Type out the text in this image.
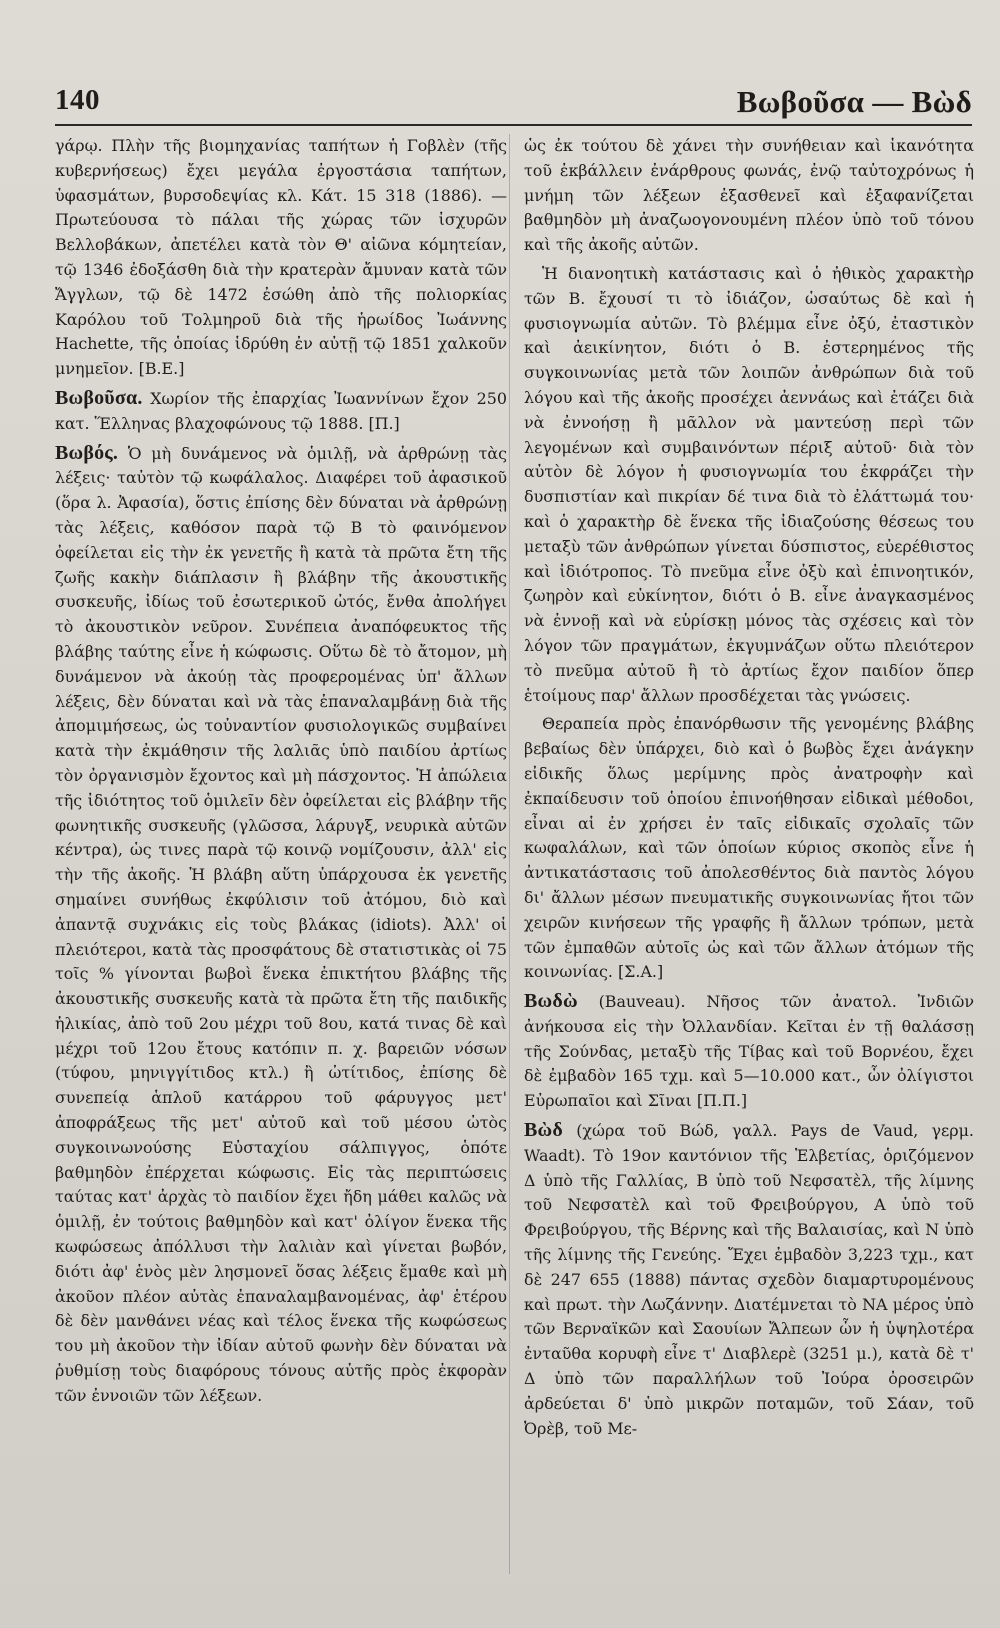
140	Βωβοῦσα — Βὼδ

γάρῳ. Πλὴν τῆς βιομηχανίας ταπήτων ἡ Γοβλὲν (τῆς κυβερνήσεως) ἔχει μεγάλα ἐργοστάσια ταπήτων, ὑφασμάτων, βυρσοδεψίας κλ. Κάτ. 15 318 (1886). — Πρωτεύουσα τὸ πάλαι τῆς χώρας τῶν ἰσχυρῶν Βελλοβάκων, ἀπετέλει κατὰ τὸν Θ' αἰῶνα κόμητείαν, τῷ 1346 ἐδοξάσθη διὰ τὴν κρατερὰν ἄμυναν κατὰ τῶν Ἄγγλων, τῷ δὲ 1472 ἐσώθη ἀπὸ τῆς πολιορκίας Καρόλου τοῦ Τολμηροῦ διὰ τῆς ἡρωίδος Ἰωάννης Hachette, τῆς ὁποίας ἱδρύθη ἐν αὐτῇ τῷ 1851 χαλκοῦν μνημεῖον. [Β.Ε.]

Βωβοῦσα. Χωρίον τῆς ἐπαρχίας Ἰωαννίνων ἔχον 250 κατ. Ἕλληνας βλαχοφώνους τῷ 1888. [Π.]

Βωβός. Ὁ μὴ δυνάμενος νὰ ὁμιλῇ, νὰ ἀρθρώνῃ τὰς λέξεις· ταὐτὸν τῷ κωφάλαλος. Διαφέρει τοῦ ἀφασικοῦ (ὅρα λ. Ἀφασία), ὅστις ἐπίσης δὲν δύναται νὰ ἀρθρώνῃ τὰς λέξεις, καθόσον παρὰ τῷ Β τὸ φαινόμενον ὀφείλεται εἰς τὴν ἐκ γενετῆς ἢ κατὰ τὰ πρῶτα ἔτη τῆς ζωῆς κακὴν διάπλασιν ἢ βλάβην τῆς ἀκουστικῆς συσκευῆς, ἰδίως τοῦ ἐσωτερικοῦ ὠτός, ἔνθα ἀπολήγει τὸ ἀκουστικὸν νεῦρον. Συνέπεια ἀναπόφευκτος τῆς βλάβης ταύτης εἶνε ἡ κώφωσις. Οὕτω δὲ τὸ ἄτομον, μὴ δυνάμενον νὰ ἀκούῃ τὰς προφερομένας ὑπ' ἄλλων λέξεις, δὲν δύναται καὶ νὰ τὰς ἐπαναλαμβάνῃ διὰ τῆς ἀπομιμήσεως, ὡς τοὐναντίον φυσιολογικῶς συμβαίνει κατὰ τὴν ἐκμάθησιν τῆς λαλιᾶς ὑπὸ παιδίου ἀρτίως τὸν ὀργανισμὸν ἔχοντος καὶ μὴ πάσχοντος. Ἡ ἀπώλεια τῆς ἰδιότητος τοῦ ὁμιλεῖν δὲν ὀφείλεται εἰς βλάβην τῆς φωνητικῆς συσκευῆς (γλῶσσα, λάρυγξ, νευρικὰ αὐτῶν κέντρα), ὡς τινες παρὰ τῷ κοινῷ νομίζουσιν, ἀλλ' εἰς τὴν τῆς ἀκοῆς. Ἡ βλάβη αὕτη ὑπάρχουσα ἐκ γενετῆς σημαίνει συνήθως ἐκφύλισιν τοῦ ἀτόμου, διὸ καὶ ἀπαντᾷ συχνάκις εἰς τοὺς βλάκας (idiots). Ἀλλ' οἱ πλειότεροι, κατὰ τὰς προσφάτους δὲ στατιστικὰς οἱ 75 τοῖς % γίνονται βωβοὶ ἕνεκα ἐπικτήτου βλάβης τῆς ἀκουστικῆς συσκευῆς κατὰ τὰ πρῶτα ἔτη τῆς παιδικῆς ἡλικίας, ἀπὸ τοῦ 2ου μέχρι τοῦ 8ου, κατά τινας δὲ καὶ μέχρι τοῦ 12ου ἔτους κατόπιν π. χ. βαρειῶν νόσων (τύφου, μηνιγγίτιδος κτλ.) ἢ ὠτίτιδος, ἐπίσης δὲ συνεπείᾳ ἁπλοῦ κατάρρου τοῦ φάρυγγος μετ' ἀποφράξεως τῆς μετ' αὐτοῦ καὶ τοῦ μέσου ὠτὸς συγκοινωνούσης Εὐσταχίου σάλπιγγος, ὁπότε βαθμηδὸν ἐπέρχεται κώφωσις. Εἰς τὰς περιπτώσεις ταύτας κατ' ἀρχὰς τὸ παιδίον ἔχει ἤδη μάθει καλῶς νὰ ὁμιλῇ, ἐν τούτοις βαθμηδὸν καὶ κατ' ὀλίγον ἕνεκα τῆς κωφώσεως ἀπόλλυσι τὴν λαλιὰν καὶ γίνεται βωβόν, διότι ἀφ' ἑνὸς μὲν λησμονεῖ ὅσας λέξεις ἔμαθε καὶ μὴ ἀκοῦον πλέον αὐτὰς ἐπαναλαμβανομένας, ἀφ' ἑτέρου δὲ δὲν μανθάνει νέας καὶ τέλος ἕνεκα τῆς κωφώσεως του μὴ ἀκοῦον τὴν ἰδίαν αὐτοῦ φωνὴν δὲν δύναται νὰ ῥυθμίσῃ τοὺς διαφόρους τόνους αὐτῆς πρὸς ἐκφορὰν τῶν ἐννοιῶν τῶν λέξεων.

ὡς ἐκ τούτου δὲ χάνει τὴν συνήθειαν καὶ ἱκανότητα τοῦ ἐκβάλλειν ἐνάρθρους φωνάς, ἐνῷ ταὐτοχρόνως ἡ μνήμη τῶν λέξεων ἐξασθενεῖ καὶ ἐξαφανίζεται βαθμηδὸν μὴ ἀναζωογονουμένη πλέον ὑπὸ τοῦ τόνου καὶ τῆς ἀκοῆς αὐτῶν.

Ἡ διανοητικὴ κατάστασις καὶ ὁ ἠθικὸς χαρακτὴρ τῶν Β. ἔχουσί τι τὸ ἰδιάζον, ὡσαύτως δὲ καὶ ἡ φυσιογνωμία αὐτῶν. Τὸ βλέμμα εἶνε ὀξύ, ἐταστικὸν καὶ ἀεικίνητον, διότι ὁ Β. ἐστερημένος τῆς συγκοινωνίας μετὰ τῶν λοιπῶν ἀνθρώπων διὰ τοῦ λόγου καὶ τῆς ἀκοῆς προσέχει ἀεννάως καὶ ἐτάζει διὰ νὰ ἐννοήσῃ ἢ μᾶλλον νὰ μαντεύσῃ περὶ τῶν λεγομένων καὶ συμβαινόντων πέριξ αὐτοῦ· διὰ τὸν αὐτὸν δὲ λόγον ἡ φυσιογνωμία του ἐκφράζει τὴν δυσπιστίαν καὶ πικρίαν δέ τινα διὰ τὸ ἐλάττωμά του· καὶ ὁ χαρακτὴρ δὲ ἕνεκα τῆς ἰδιαζούσης θέσεως του μεταξὺ τῶν ἀνθρώπων γίνεται δύσπιστος, εὐερέθιστος καὶ ἰδιότροπος. Τὸ πνεῦμα εἶνε ὀξὺ καὶ ἐπινοητικόν, ζωηρὸν καὶ εὐκίνητον, διότι ὁ Β. εἶνε ἀναγκασμένος νὰ ἐννοῇ καὶ νὰ εὑρίσκῃ μόνος τὰς σχέσεις καὶ τὸν λόγον τῶν πραγμάτων, ἐκγυμνάζων οὕτω πλειότερον τὸ πνεῦμα αὐτοῦ ἢ τὸ ἀρτίως ἔχον παιδίον ὅπερ ἑτοίμους παρ' ἄλλων προσδέχεται τὰς γνώσεις.

Θεραπεία πρὸς ἐπανόρθωσιν τῆς γενομένης βλάβης βεβαίως δὲν ὑπάρχει, διὸ καὶ ὁ βωβὸς ἔχει ἀνάγκην εἰδικῆς ὅλως μερίμνης πρὸς ἀνατροφὴν καὶ ἐκπαίδευσιν τοῦ ὁποίου ἐπινοήθησαν εἰδικαὶ μέθοδοι, εἶναι αἱ ἐν χρήσει ἐν ταῖς εἰδικαῖς σχολαῖς τῶν κωφαλάλων, καὶ τῶν ὁποίων κύριος σκοπὸς εἶνε ἡ ἀντικατάστασις τοῦ ἀπολεσθέντος διὰ παντὸς λόγου δι' ἄλλων μέσων πνευματικῆς συγκοινωνίας ἤτοι τῶν χειρῶν κινήσεων τῆς γραφῆς ἢ ἄλλων τρόπων, μετὰ τῶν ἐμπαθῶν αὐτοῖς ὡς καὶ τῶν ἄλλων ἀτόμων τῆς κοινωνίας. [Σ.Α.]

Βωδὼ (Bauveau). Νῆσος τῶν ἀνατολ. Ἰνδιῶν ἀνήκουσα εἰς τὴν Ὀλλανδίαν. Κεῖται ἐν τῇ θαλάσσῃ τῆς Σούνδας, μεταξὺ τῆς Τίβας καὶ τοῦ Βορνέου, ἔχει δὲ ἐμβαδὸν 165 τχμ. καὶ 5—10.000 κατ., ὧν ὀλίγιστοι Εὐρωπαῖοι καὶ Σῖναι [Π.Π.]

Βὼδ (χώρα τοῦ Βώδ, γαλλ. Pays de Vaud, γερμ. Waadt). Τὸ 19ον καντόνιον τῆς Ἑλβετίας, ὁριζόμενον Δ ὑπὸ τῆς Γαλλίας, Β ὑπὸ τοῦ Νεφσατὲλ, τῆς λίμνης τοῦ Νεφσατὲλ καὶ τοῦ Φρειβούργου, Α ὑπὸ τοῦ Φρειβούργου, τῆς Βέρνης καὶ τῆς Βαλαισίας, καὶ Ν ὑπὸ τῆς λίμνης τῆς Γενεύης. Ἔχει ἐμβαδὸν 3,223 τχμ., κατ δὲ 247 655 (1888) πάντας σχεδὸν διαμαρτυρομένους καὶ πρωτ. τὴν Λωζάννην. Διατέμνεται τὸ ΝΑ μέρος ὑπὸ τῶν Βερναϊκῶν καὶ Σαουίων Ἄλπεων ὧν ἡ ὑψηλοτέρα ἐνταῦθα κορυφὴ εἶνε τ' Διαβλερὲ (3251 μ.), κατὰ δὲ τ' Δ ὑπὸ τῶν παραλλήλων τοῦ Ἰούρα ὀροσειρῶν ἀρδεύεται δ' ὑπὸ μικρῶν ποταμῶν, τοῦ Σάαν, τοῦ Ὀρὲβ, τοῦ Με-
